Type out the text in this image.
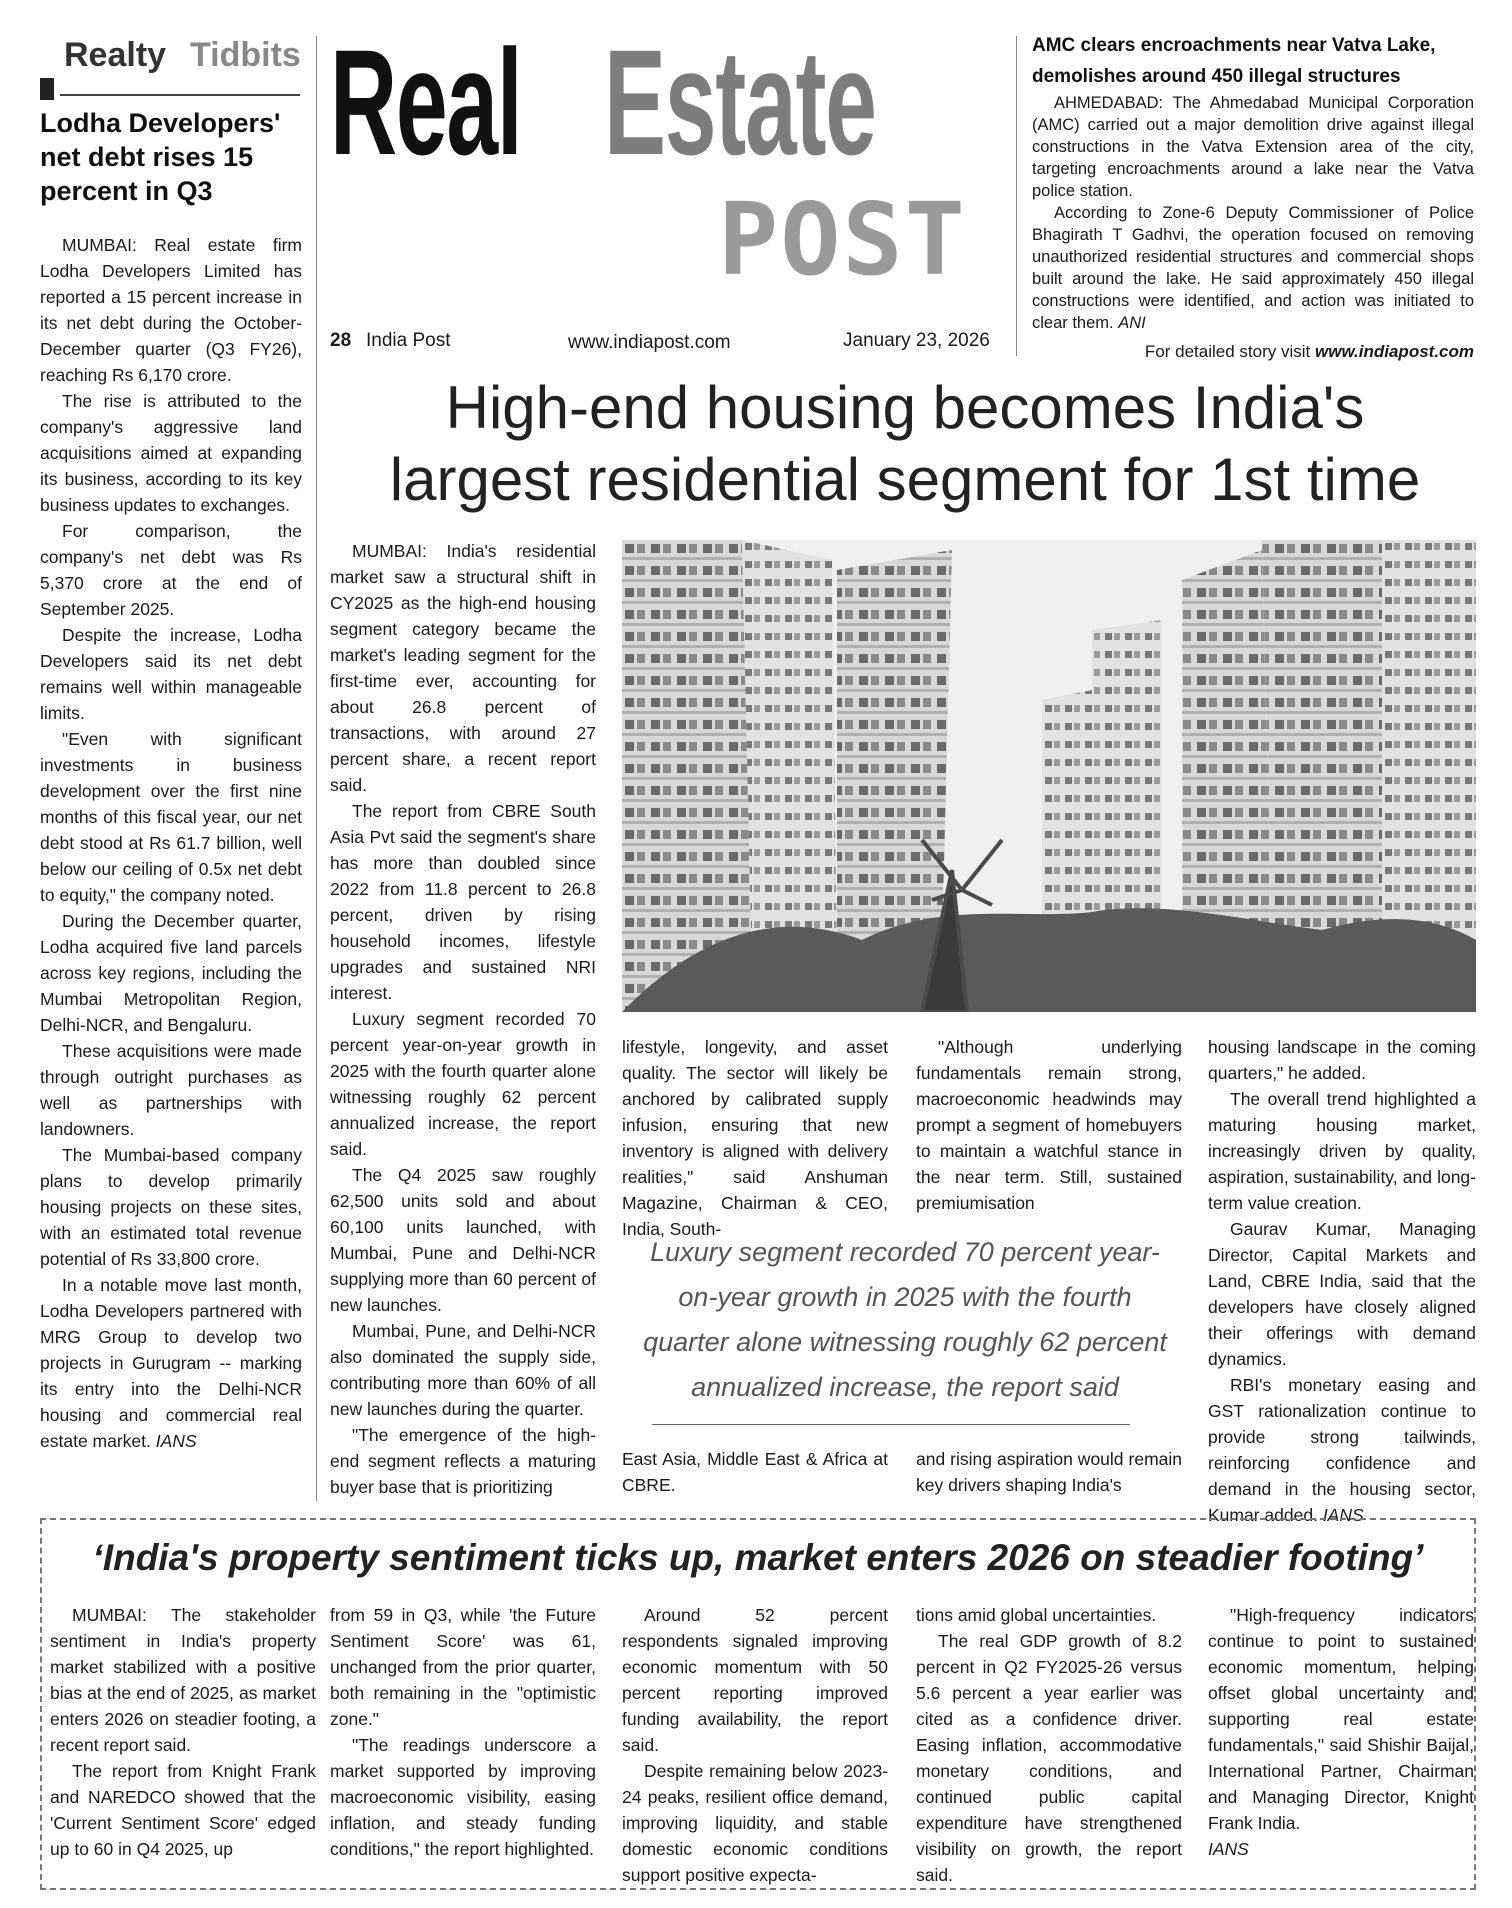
Realty Tidbits
Lodha Developers' net debt rises 15 percent in Q3

MUMBAI: Real estate firm Lodha Developers Limited has reported a 15 percent increase in its net debt during the October-December quarter (Q3 FY26), reaching Rs 6,170 crore.

The rise is attributed to the company's aggressive land acquisitions aimed at expanding its business, according to its key business updates to exchanges.

For comparison, the company's net debt was Rs 5,370 crore at the end of September 2025.

Despite the increase, Lodha Developers said its net debt remains well within manageable limits.

"Even with significant investments in business development over the first nine months of this fiscal year, our net debt stood at Rs 61.7 billion, well below our ceiling of 0.5x net debt to equity," the company noted.

During the December quarter, Lodha acquired five land parcels across key regions, including the Mumbai Metropolitan Region, Delhi-NCR, and Bengaluru.

These acquisitions were made through outright purchases as well as partnerships with landowners.

The Mumbai-based company plans to develop primarily housing projects on these sites, with an estimated total revenue potential of Rs 33,800 crore.

In a notable move last month, Lodha Developers partnered with MRG Group to develop two projects in Gurugram -- marking its entry into the Delhi-NCR housing and commercial real estate market. IANS

Real Estate
POST
28 India Post	www.indiapost.com	January 23, 2026
AMC clears encroachments near Vatva Lake, demolishes around 450 illegal structures

AHMEDABAD: The Ahmedabad Municipal Corporation (AMC) carried out a major demolition drive against illegal constructions in the Vatva Extension area of the city, targeting encroachments around a lake near the Vatva police station.

According to Zone-6 Deputy Commissioner of Police Bhagirath T Gadhvi, the operation focused on removing unauthorized residential structures and commercial shops built around the lake. He said approximately 450 illegal constructions were identified, and action was initiated to clear them. ANI

For detailed story visit www.indiapost.com
High-end housing becomes India's
largest residential segment for 1st time

MUMBAI: India's residential market saw a structural shift in CY2025 as the high-end housing segment category became the market's leading segment for the first-time ever, accounting for about 26.8 percent of transactions, with around 27 percent share, a recent report said.

The report from CBRE South Asia Pvt said the segment's share has more than doubled since 2022 from 11.8 percent to 26.8 percent, driven by rising household incomes, lifestyle upgrades and sustained NRI interest.

Luxury segment recorded 70 percent year-on-year growth in 2025 with the fourth quarter alone witnessing roughly 62 percent annualized increase, the report said.

The Q4 2025 saw roughly 62,500 units sold and about 60,100 units launched, with Mumbai, Pune and Delhi-NCR supplying more than 60 percent of new launches.

Mumbai, Pune, and Delhi-NCR also dominated the supply side, contributing more than 60% of all new launches during the quarter.

"The emergence of the high-end segment reflects a maturing buyer base that is prioritizing

lifestyle, longevity, and asset quality. The sector will likely be anchored by calibrated supply infusion, ensuring that new inventory is aligned with delivery realities," said Anshuman Magazine, Chairman & CEO, India, South-

"Although underlying fundamentals remain strong, macroeconomic headwinds may prompt a segment of homebuyers to maintain a watchful stance in the near term. Still, sustained premiumisation

housing landscape in the coming quarters," he added.

The overall trend highlighted a maturing housing market, increasingly driven by quality, aspiration, sustainability, and long-term value creation.

Gaurav Kumar, Managing Director, Capital Markets and Land, CBRE India, said that the developers have closely aligned their offerings with demand dynamics.

RBI's monetary easing and GST rationalization continue to provide strong tailwinds, reinforcing confidence and demand in the housing sector, Kumar added. IANS

Luxury segment recorded 70 percent year-on-year growth in 2025 with the fourth quarter alone witnessing roughly 62 percent annualized increase, the report said

East Asia, Middle East & Africa at CBRE.

and rising aspiration would remain key drivers shaping India's

‘India's property sentiment ticks up, market enters 2026 on steadier footing’

MUMBAI: The stakeholder sentiment in India's property market stabilized with a positive bias at the end of 2025, as market enters 2026 on steadier footing, a recent report said.

The report from Knight Frank and NAREDCO showed that the 'Current Sentiment Score' edged up to 60 in Q4 2025, up

from 59 in Q3, while 'the Future Sentiment Score' was 61, unchanged from the prior quarter, both remaining in the "optimistic zone."

"The readings underscore a market supported by improving macroeconomic visibility, easing inflation, and steady funding conditions," the report highlighted.

Around 52 percent respondents signaled improving economic momentum with 50 percent reporting improved funding availability, the report said.

Despite remaining below 2023-24 peaks, resilient office demand, improving liquidity, and stable domestic economic conditions support positive expecta-

tions amid global uncertainties.

The real GDP growth of 8.2 percent in Q2 FY2025-26 versus 5.6 percent a year earlier was cited as a confidence driver. Easing inflation, accommodative monetary conditions, and continued public capital expenditure have strengthened visibility on growth, the report said.

"High-frequency indicators continue to point to sustained economic momentum, helping offset global uncertainty and supporting real estate fundamentals," said Shishir Baijal, International Partner, Chairman and Managing Director, Knight Frank India.

IANS
